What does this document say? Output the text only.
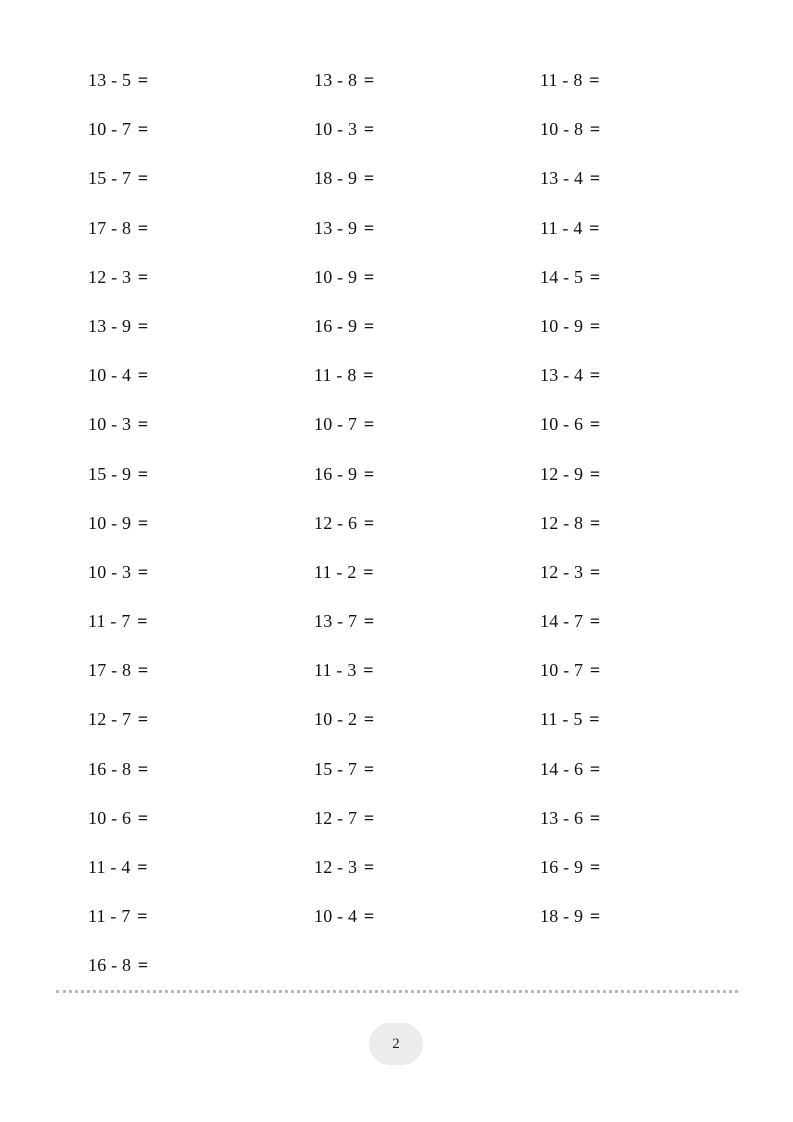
13 - 5 =	13 - 8 =	11 - 8 =
10 - 7 =	10 - 3 =	10 - 8 =
15 - 7 =	18 - 9 =	13 - 4 =
17 - 8 =	13 - 9 =	11 - 4 =
12 - 3 =	10 - 9 =	14 - 5 =
13 - 9 =	16 - 9 =	10 - 9 =
10 - 4 =	11 - 8 =	13 - 4 =
10 - 3 =	10 - 7 =	10 - 6 =
15 - 9 =	16 - 9 =	12 - 9 =
10 - 9 =	12 - 6 =	12 - 8 =
10 - 3 =	11 - 2 =	12 - 3 =
11 - 7 =	13 - 7 =	14 - 7 =
17 - 8 =	11 - 3 =	10 - 7 =
12 - 7 =	10 - 2 =	11 - 5 =
16 - 8 =	15 - 7 =	14 - 6 =
10 - 6 =	12 - 7 =	13 - 6 =
11 - 4 =	12 - 3 =	16 - 9 =
11 - 7 =	10 - 4 =	18 - 9 =
16 - 8 =
2
